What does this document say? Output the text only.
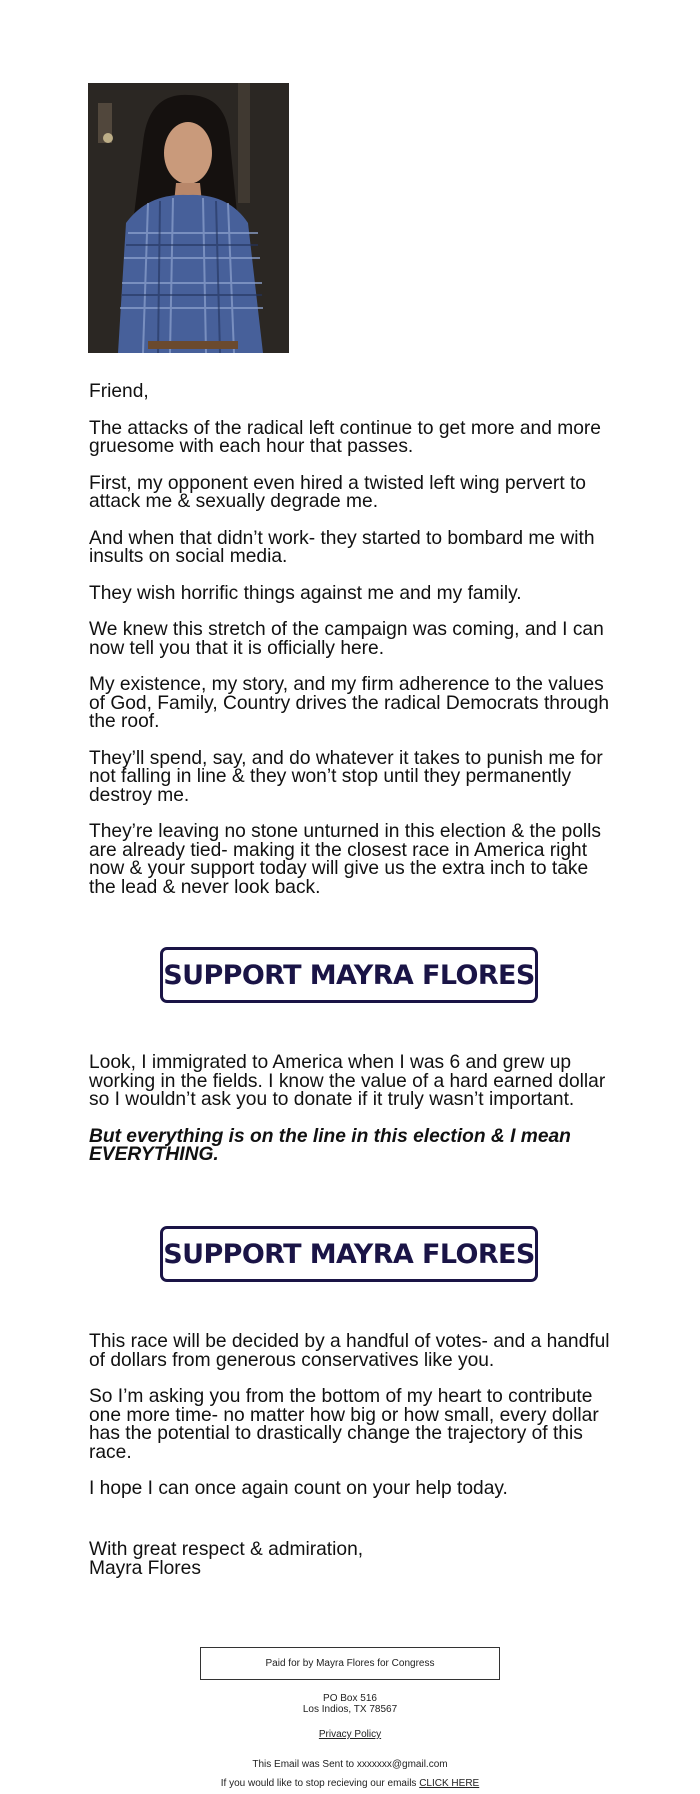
Friend,

The attacks of the radical left continue to get more and more gruesome with each hour that passes.

First, my opponent even hired a twisted left wing pervert to attack me & sexually degrade me.

And when that didn’t work- they started to bombard me with insults on social media.

They wish horrific things against me and my family.

We knew this stretch of the campaign was coming, and I can now tell you that it is officially here.

My existence, my story, and my firm adherence to the values of God, Family, Country drives the radical Democrats through the roof.

They’ll spend, say, and do whatever it takes to punish me for not falling in line & they won’t stop until they permanently destroy me.

They’re leaving no stone unturned in this election & the polls are already tied- making it the closest race in America right now & your support today will give us the extra inch to take the lead & never look back.

SUPPORT MAYRA FLORES

Look, I immigrated to America when I was 6 and grew up working in the fields. I know the value of a hard earned dollar so I wouldn’t ask you to donate if it truly wasn’t important.

But everything is on the line in this election & I mean EVERYTHING.

SUPPORT MAYRA FLORES

This race will be decided by a handful of votes- and a handful of dollars from generous conservatives like you.

So I’m asking you from the bottom of my heart to contribute one more time- no matter how big or how small, every dollar has the potential to drastically change the trajectory of this race.

I hope I can once again count on your help today.

With great respect & admiration,
Mayra Flores
Paid for by Mayra Flores for Congress
PO Box 516
Los Indios, TX 78567
Privacy Policy
This Email was Sent to xxxxxxx@gmail.com
If you would like to stop recieving our emails CLICK HERE
